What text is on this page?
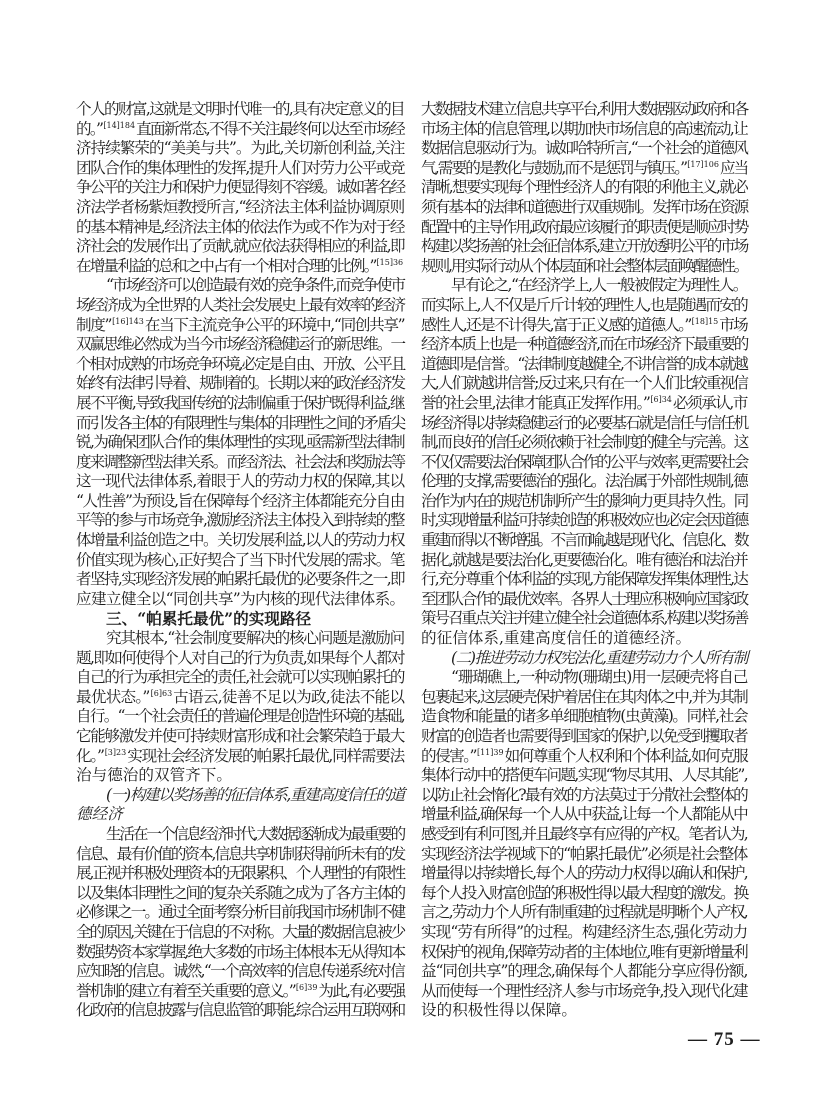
个人的财富,这就是文明时代唯一的,具有决定意义的目
的。”$^{[14]184}$直面新常态,不得不关注最终何以达至市场经
济持续繁荣的“美美与共”。为此,关切新创利益,关注
团队合作的集体理性的发挥,提升人们对劳力公平或竞
争公平的关注力和保护力便显得刻不容缓。诚如著名经
济法学者杨紫烜教授所言,“经济法主体利益协调原则
的基本精神是,经济法主体的依法作为或不作为对于经
济社会的发展作出了贡献,就应依法获得相应的利益,即
在增量利益的总和之中占有一个相对合理的比例。”$^{[15]36}$
“市场经济可以创造最有效的竞争条件,而竞争使市
场经济成为全世界的人类社会发展史上最有效率的经济
制度”$^{[16]143}$在当下主流竞争公平的环境中,“同创共享”
双赢思维必然成为当今市场经济稳健运行的新思维。一
个相对成熟的市场竞争环境,必定是自由、开放、公平且
始终有法律引导着、规制着的。长期以来的政治经济发
展不平衡,导致我国传统的法制偏重于保护既得利益,继
而引发各主体的有限理性与集体的非理性之间的矛盾尖
锐,为确保团队合作的集体理性的实现,亟需新型法律制
度来调整新型法律关系。而经济法、社会法和奖励法等
这一现代法律体系,着眼于人的劳动力权的保障,其以
“人性善”为预设,旨在保障每个经济主体都能充分自由
平等的参与市场竞争,激励经济法主体投入到持续的整
体增量利益创造之中。关切发展利益,以人的劳动力权
价值实现为核心,正好契合了当下时代发展的需求。笔
者坚持,实现经济发展的帕累托最优的必要条件之一,即
应建立健全以“同创共享”为内核的现代法律体系。
三、“帕累托最优”的实现路径
究其根本,“社会制度要解决的核心问题是激励问
题,即如何使得个人对自己的行为负责,如果每个人都对
自己的行为承担完全的责任,社会就可以实现帕累托的
最优状态。”$^{[6]63}$古语云,徒善不足以为政,徒法不能以
自行。“一个社会责任的普遍伦理是创造性环境的基础,
它能够激发并使可持续财富形成和社会繁荣趋于最大
化。”$^{[3]23}$实现社会经济发展的帕累托最优,同样需要法
治与德治的双管齐下。
(一)构建以奖扬善的征信体系,重建高度信任的道
德经济
生活在一个信息经济时代,大数据逐渐成为最重要的
信息、最有价值的资本,信息共享机制获得前所未有的发
展,正视并积极处理资本的无限累积、个人理性的有限性
以及集体非理性之间的复杂关系随之成为了各方主体的
必修课之一。通过全面考察分析目前我国市场机制不健
全的原因,关键在于信息的不对称。大量的数据信息被少
数强势资本家掌握,绝大多数的市场主体根本无从得知本
应知晓的信息。诚然,“一个高效率的信息传递系统对信
誉机制的建立有着至关重要的意义。”$^{[6]39}$为此,有必要强
化政府的信息披露与信息监管的职能,综合运用互联网和
大数据技术建立信息共享平台,利用大数据驱动政府和各
市场主体的信息管理,以期加快市场信息的高速流动,让
数据信息驱动行为。诚如哈特所言,“一个社会的道德风
气,需要的是教化与鼓励,而不是惩罚与镇压。”$^{[17]106}$应当
清晰,想要实现每个理性经济人的有限的利他主义,就必
须有基本的法律和道德进行双重规制。发挥市场在资源
配置中的主导作用,政府最应该履行的职责便是顺应时势
构建以奖扬善的社会征信体系,建立开放透明公平的市场
规则,用实际行动从个体层面和社会整体层面唤醒德性。
早有论之,“在经济学上,人一般被假定为理性人。
而实际上,人不仅是斤斤计较的理性人,也是随遇而安的
感性人,还是不计得失,富于正义感的道德人。”$^{[18]15}$市场
经济本质上也是一种道德经济,而在市场经济下最重要的
道德即是信誉。“法律制度越健全,不讲信誉的成本就越
大,人们就越讲信誉;反过来,只有在一个人们比较重视信
誉的社会里,法律才能真正发挥作用。”$^{[6]34}$必须承认,市
场经济得以持续稳健运行的必要基石就是信任与信任机
制,而良好的信任必须依赖于社会制度的健全与完善。这
不仅仅需要法治保障团队合作的公平与效率,更需要社会
伦理的支撑,需要德治的强化。法治属于外部性规制,德
治作为内在的规范机制所产生的影响力更具持久性。同
时,实现增量利益可持续创造的积极效应也必定会因道德
重建而得以不断增强。不言而喻,越是现代化、信息化、数
据化,就越是要法治化,更要德治化。唯有德治和法治并
行,充分尊重个体利益的实现,方能保障发挥集体理性,达
至团队合作的最优效率。各界人士理应积极响应国家政
策号召重点关注并建立健全社会道德体系,构建以奖扬善
的征信体系,重建高度信任的道德经济。
(二)推进劳动力权宪法化,重建劳动力个人所有制
“珊瑚礁上,一种动物(珊瑚虫)用一层硬壳将自己
包裹起来,这层硬壳保护着居住在其肉体之中,并为其制
造食物和能量的诸多单细胞植物(虫黄藻)。同样,社会
财富的创造者也需要得到国家的保护,以免受到攫取者
的侵害。”$^{[11]39}$如何尊重个人权利和个体利益,如何克服
集体行动中的搭便车问题,实现“物尽其用、人尽其能”,
以防止社会惰化?最有效的方法莫过于分散社会整体的
增量利益,确保每一个人从中获益,让每一个人都能从中
感受到有利可图,并且最终享有应得的产权。笔者认为,
实现经济法学视域下的“帕累托最优”必须是社会整体
增量得以持续增长,每个人的劳动力权得以确认和保护,
每个人投入财富创造的积极性得以最大程度的激发。换
言之,劳动力个人所有制重建的过程就是明晰个人产权,
实现“劳有所得”的过程。构建经济生态,强化劳动力
权保护的视角,保障劳动者的主体地位,唯有更新增量利
益“同创共享”的理念,确保每个人都能分享应得份额,
从而使每一个理性经济人参与市场竞争,投入现代化建
设的积极性得以保障。
— 75 —
